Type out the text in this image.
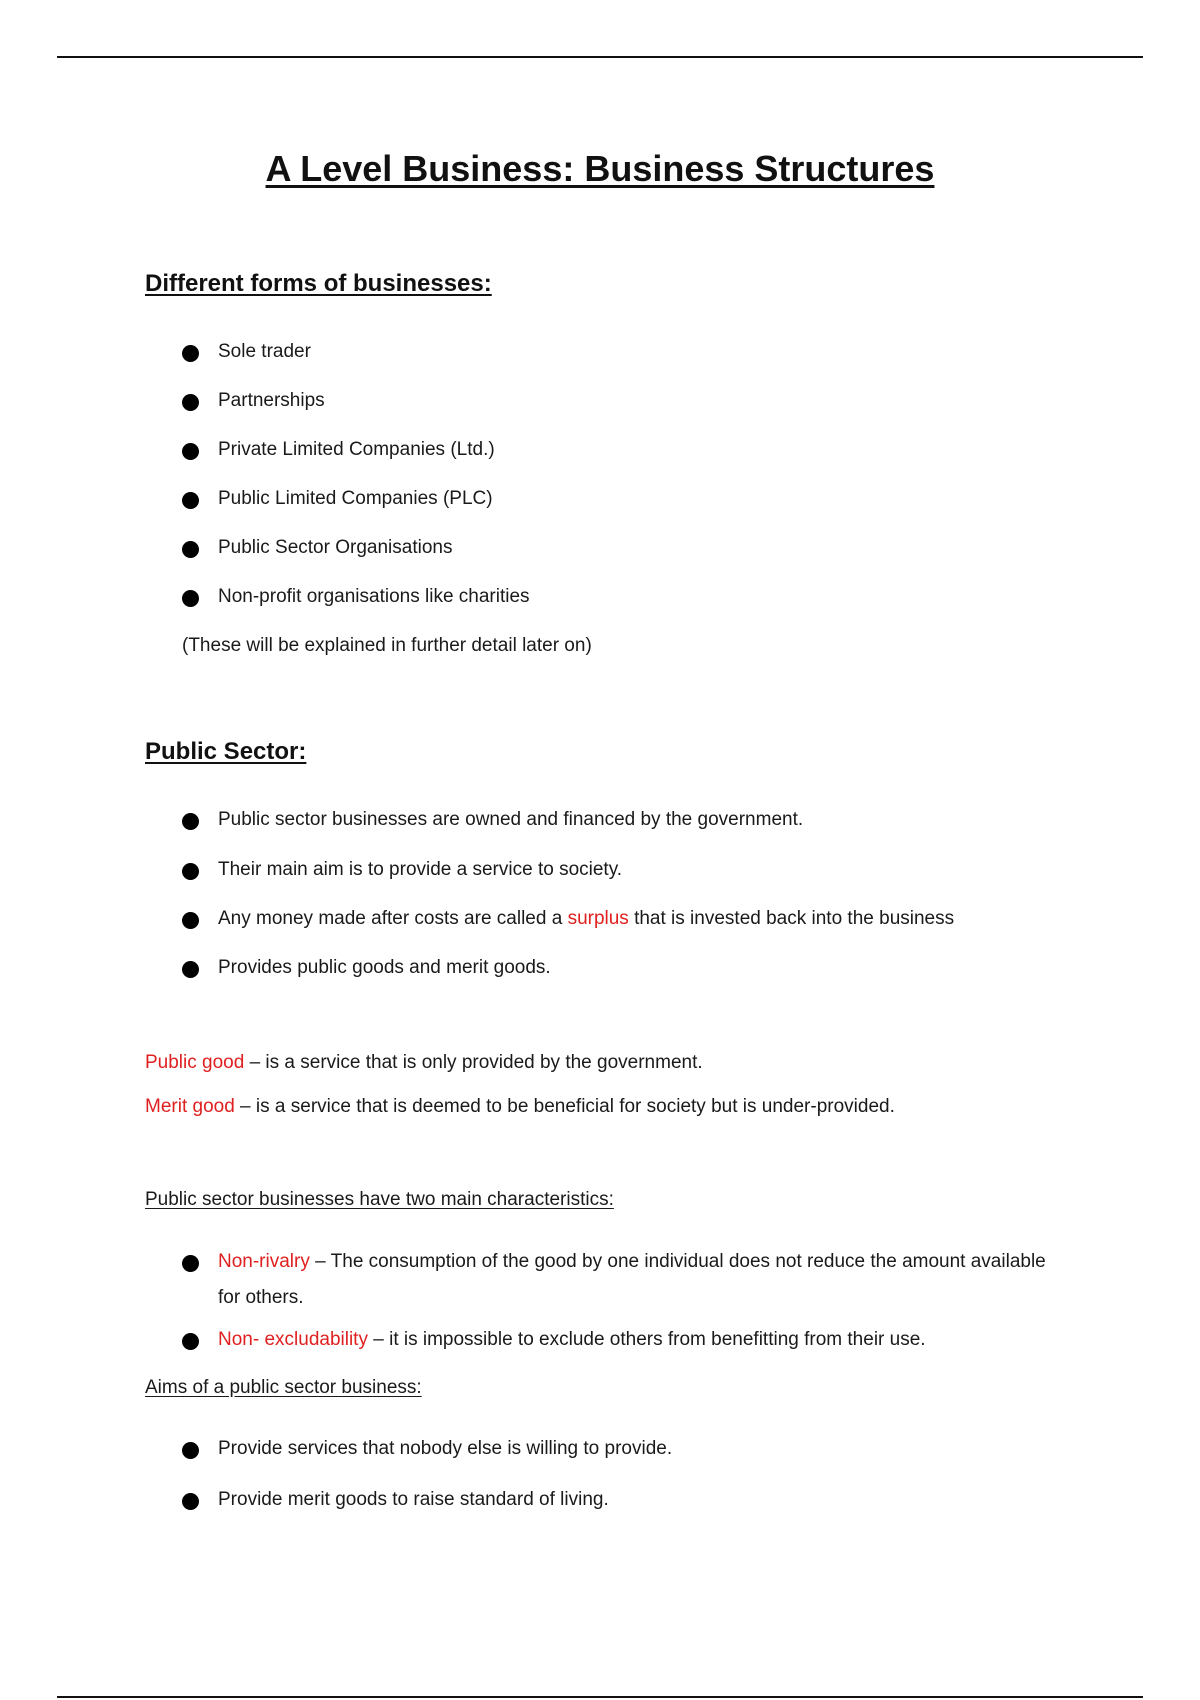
A Level Business: Business Structures
Different forms of businesses:
Sole trader
Partnerships
Private Limited Companies (Ltd.)
Public Limited Companies (PLC)
Public Sector Organisations
Non-profit organisations like charities
(These will be explained in further detail later on)
Public Sector:
Public sector businesses are owned and financed by the government.
Their main aim is to provide a service to society.
Any money made after costs are called a surplus that is invested back into the business
Provides public goods and merit goods.
Public good – is a service that is only provided by the government.
Merit good – is a service that is deemed to be beneficial for society but is under-provided.
Public sector businesses have two main characteristics:
Non-rivalry – The consumption of the good by one individual does not reduce the amount available for others.
Non- excludability – it is impossible to exclude others from benefitting from their use.
Aims of a public sector business:
Provide services that nobody else is willing to provide.
Provide merit goods to raise standard of living.
